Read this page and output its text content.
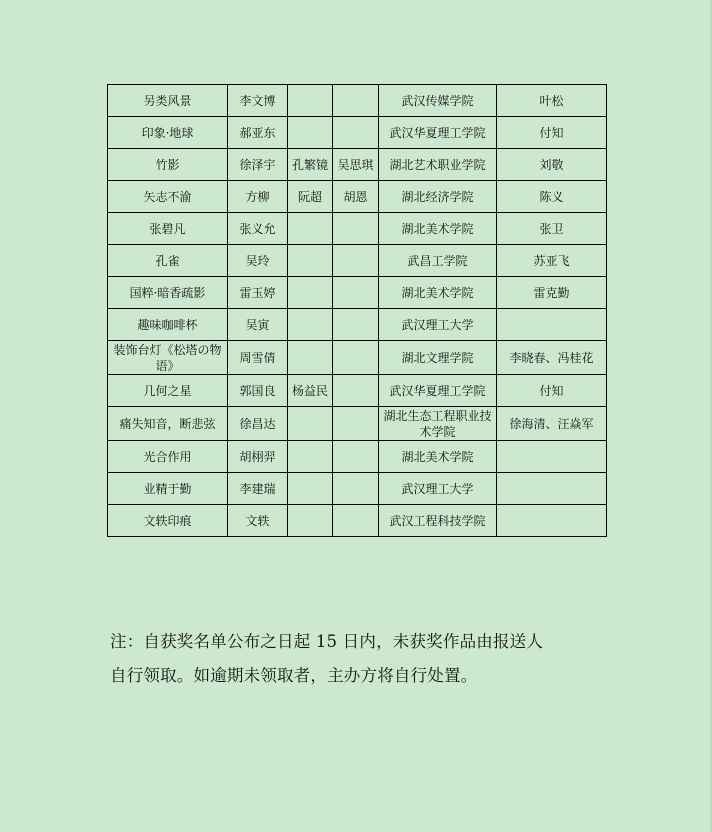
另类风景	李文博			武汉传媒学院	叶松
印象·地球	郝亚东			武汉华夏理工学院	付知
竹影	徐泽宇	孔繁镜	吴思琪	湖北艺术职业学院	刘敬
矢志不渝	方柳	阮超	胡恩	湖北经济学院	陈义
张碧凡	张义允			湖北美术学院	张卫
孔雀	吴玲			武昌工学院	苏亚飞
国粹·暗香疏影	雷玉婷			湖北美术学院	雷克勤
趣味咖啡杯	吴寅			武汉理工大学	
装饰台灯《松塔の物语》	周雪倩			湖北文理学院	李晓春、冯桂花
几何之星	郭国良	杨益民		武汉华夏理工学院	付知
痛失知音，断悲弦	徐昌达			湖北生态工程职业技术学院	徐海清、汪焱军
光合作用	胡栩羿			湖北美术学院	
业精于勤	李建瑞			武汉理工大学	
文轶印痕	文轶			武汉工程科技学院	
注：自获奖名单公布之日起 15 日内，未获奖作品由报送人
自行领取。如逾期未领取者，主办方将自行处置。
